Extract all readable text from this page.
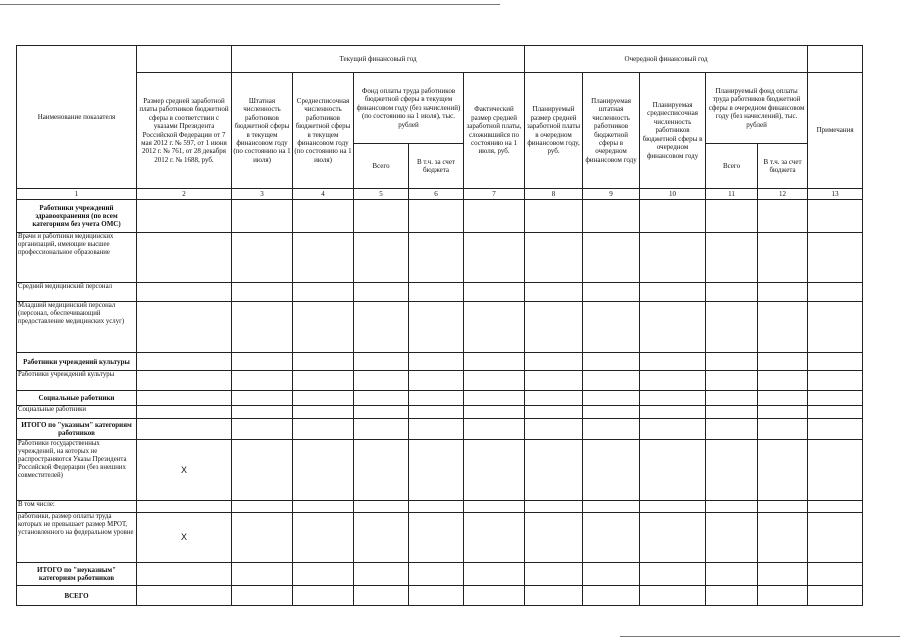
Наименование показателя		Текущий финансовый год					Очередной финансовый год					
	Размер средней заработной платы работников бюджетной сферы в соответствии с указами Президента Российской Федерации от 7 мая 2012 г. № 597, от 1 июня 2012 г. № 761, от 28 декабря 2012 г. № 1688, руб.	Штатная численность работников бюджетной сферы в текущем финансовом году (по состоянию на 1 июля)	Среднесписочная численность работников бюджетной сферы в текущем финансовом году (по состоянию на 1 июля)	Фонд оплаты труда работников бюджетной сферы в текущем финансовом году (без начислений) (по состоянию на 1 июля), тыс. рублей		Фактический размер средней заработной платы, сложившийся по состоянию на 1 июля, руб.	Планируемый размер средней заработной платы в очередном финансовом году, руб.	Планируемая штатная численность работников бюджетной сферы в очередном финансовом году	Планируемая среднесписочная численность работников бюджетной сферы в очередном финансовом году	Планируемый фонд оплаты труда работников бюджетной сферы в очередном финансовом году (без начислений), тыс. рублей		Примечания
				Всего	В т.ч. за счет бюджета					Всего	В т.ч. за счет бюджета	
1	2	3	4	5	6	7	8	9	10	11	12	13
Работники учреждений здравоохранения (по всем категориям без учета ОМС)												
Врачи и работники медицинских организаций, имеющие высшее профессиональное образование												
Средний медицинский персонал												
Младший медицинский персонал (персонал, обеспечивающий предоставление медицинских услуг)												
Работники учреждений культуры												
Работники учреждений культуры												
Социальные работники												
Социальные работники												
ИТОГО по "указным" категориям работников												
Работники государственных учреждений, на которых не распространяются Указы Президента Российской Федерации (без внешних совместителей)	X											
В том числе:												
работники, размер оплаты труда которых не превышает размер МРОТ, установленного на федеральном уровне	X											
ИТОГО по "неуказным" категориям работников												
ВСЕГО												
